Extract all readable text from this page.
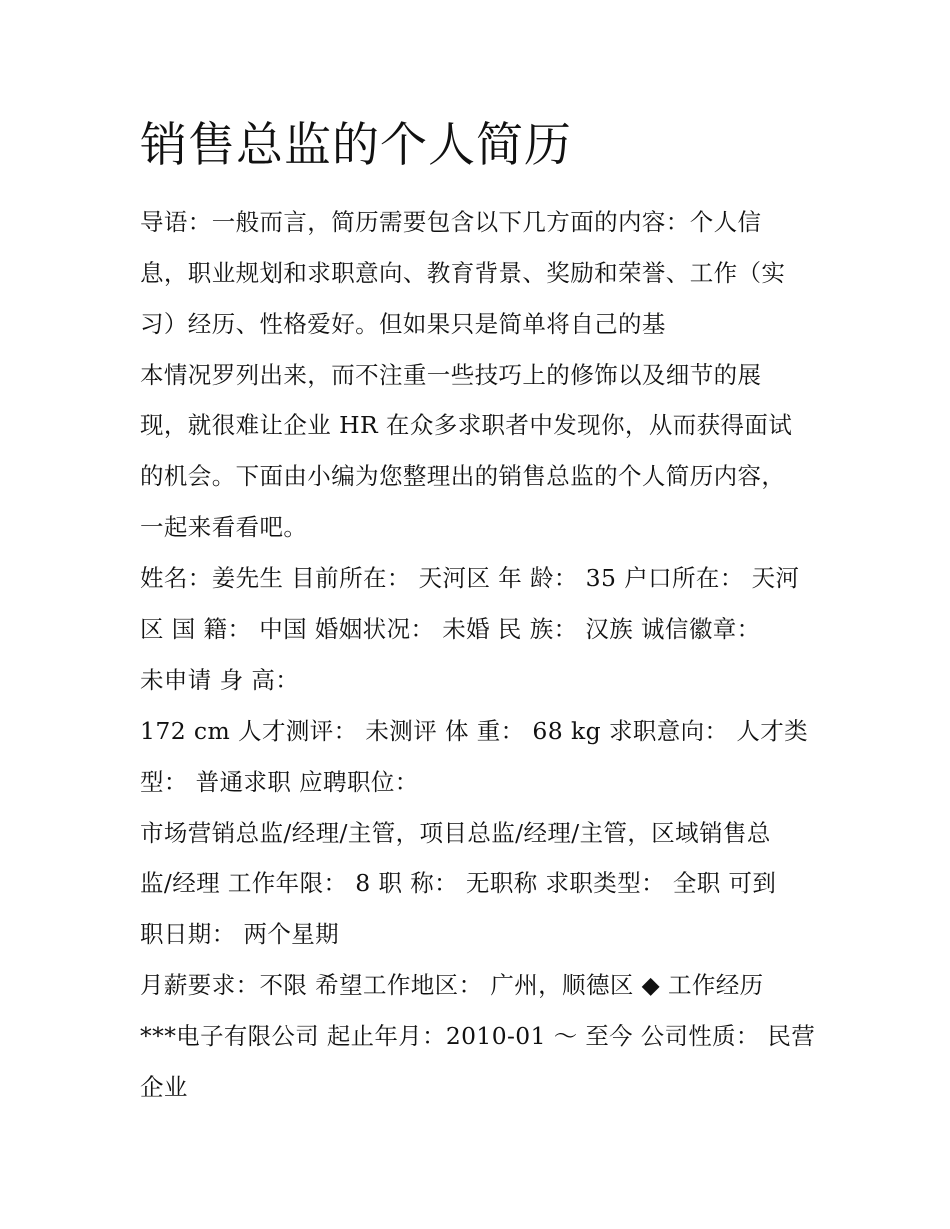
销售总监的个人简历
导语：一般而言，简历需要包含以下几方面的内容：个人信
息，职业规划和求职意向、教育背景、奖励和荣誉、工作（实
习）经历、性格爱好。但如果只是简单将自己的基
本情况罗列出来，而不注重一些技巧上的修饰以及细节的展
现，就很难让企业 HR 在众多求职者中发现你，从而获得面试
的机会。下面由小编为您整理出的销售总监的个人简历内容，
一起来看看吧。
姓名：姜先生 目前所在： 天河区 年 龄： 35 户口所在： 天河
区 国 籍： 中国 婚姻状况： 未婚 民 族： 汉族 诚信徽章：
未申请 身 高：
172 cm 人才测评： 未测评 体 重： 68 kg 求职意向： 人才类
型： 普通求职 应聘职位：
市场营销总监/经理/主管，项目总监/经理/主管，区域销售总
监/经理 工作年限： 8 职 称： 无职称 求职类型： 全职 可到
职日期： 两个星期
月薪要求：不限 希望工作地区： 广州，顺德区 ◆ 工作经历
***电子有限公司 起止年月：2010-01 ～ 至今 公司性质： 民营
企业
